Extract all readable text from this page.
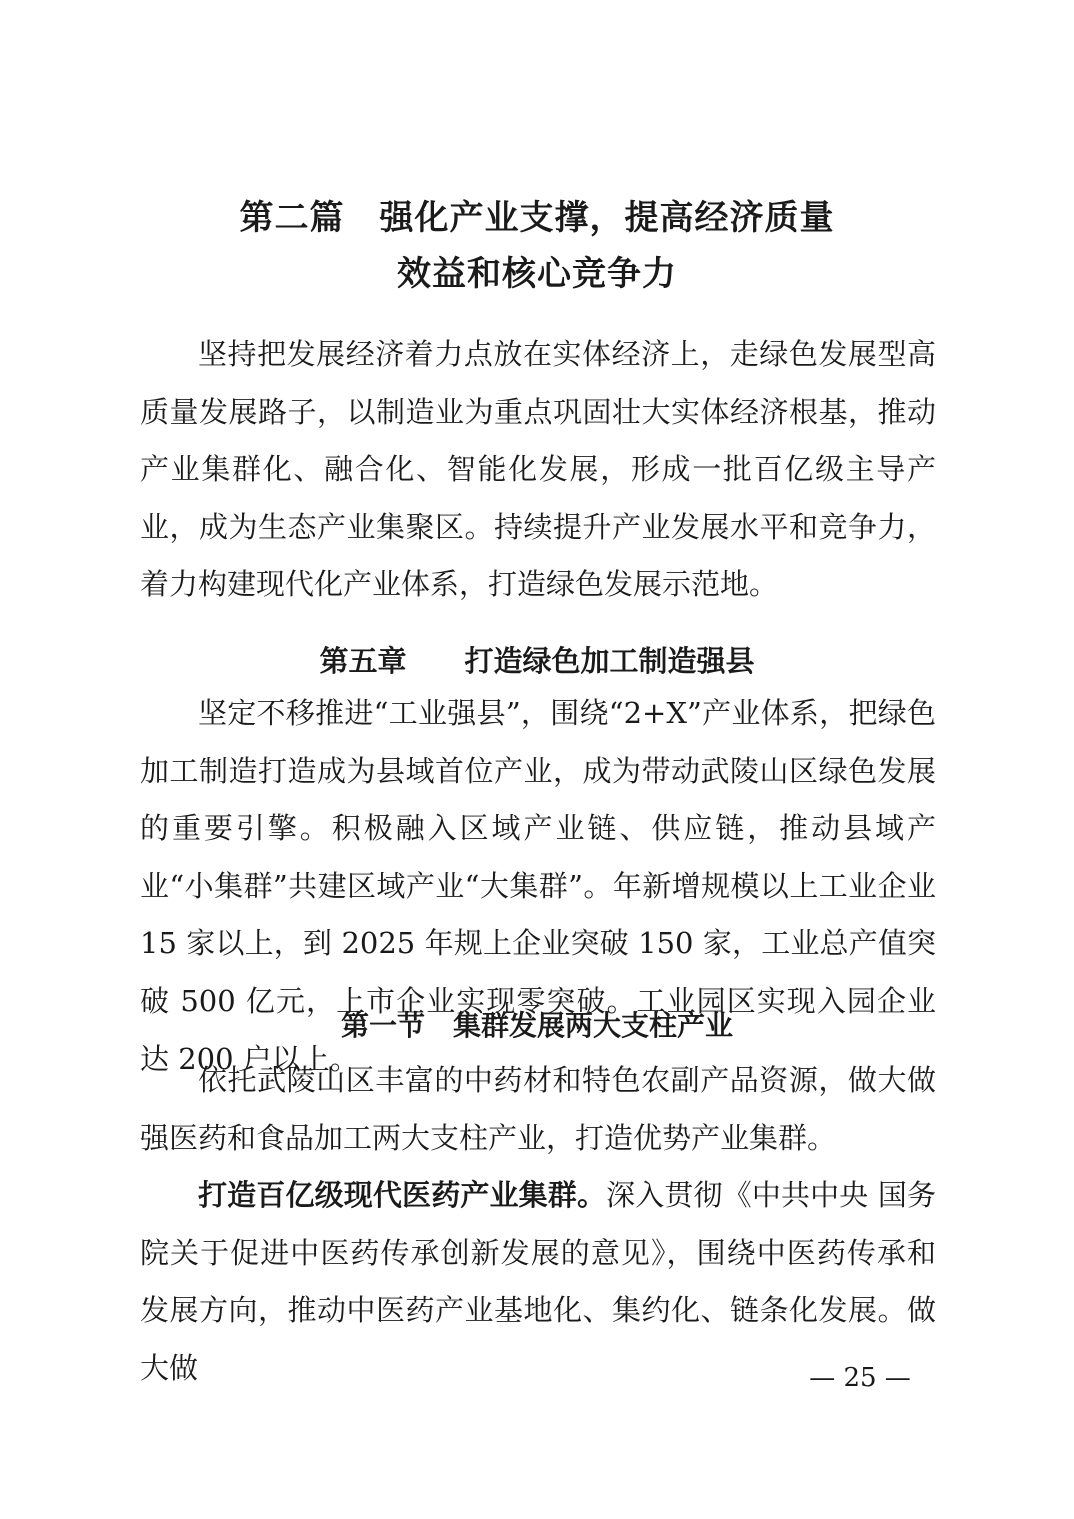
第二篇　强化产业支撑，提高经济质量
效益和核心竞争力

坚持把发展经济着力点放在实体经济上，走绿色发展型高质量发展路子，以制造业为重点巩固壮大实体经济根基，推动产业集群化、融合化、智能化发展，形成一批百亿级主导产业，成为生态产业集聚区。持续提升产业发展水平和竞争力，着力构建现代化产业体系，打造绿色发展示范地。

第五章　　打造绿色加工制造强县

坚定不移推进“工业强县”，围绕“2+X”产业体系，把绿色加工制造打造成为县域首位产业，成为带动武陵山区绿色发展的重要引擎。积极融入区域产业链、供应链，推动县域产业“小集群”共建区域产业“大集群”。年新增规模以上工业企业 15 家以上，到 2025 年规上企业突破 150 家，工业总产值突破 500 亿元，上市企业实现零突破。工业园区实现入园企业达 200 户以上。

第一节　集群发展两大支柱产业

依托武陵山区丰富的中药材和特色农副产品资源，做大做强医药和食品加工两大支柱产业，打造优势产业集群。

打造百亿级现代医药产业集群。深入贯彻《中共中央 国务院关于促进中医药传承创新发展的意见》，围绕中医药传承和发展方向，推动中医药产业基地化、集约化、链条化发展。做大做	— 25 —
